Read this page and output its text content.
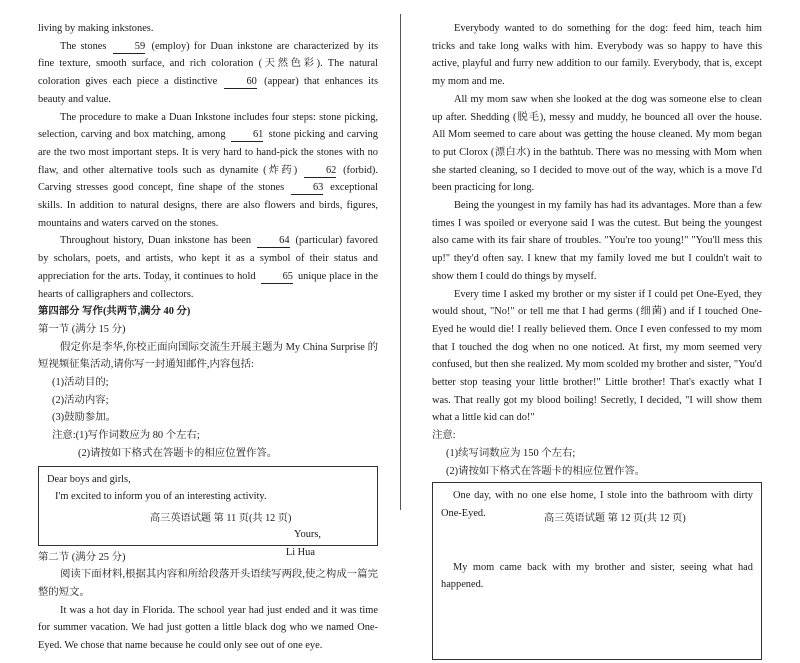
living by making inkstones.

The stones 59 (employ) for Duan inkstone are characterized by its fine texture, smooth surface, and rich coloration (天然色彩). The natural coloration gives each piece a distinctive 60 (appear) that enhances its beauty and value.

The procedure to make a Duan Inkstone includes four steps: stone picking, selection, carving and box matching, among 61 stone picking and carving are the two most important steps. It is very hard to hand-pick the stones with no flaw, and other alternative tools such as dynamite (炸药) 62 (forbid). Carving stresses good concept, fine shape of the stones 63 exceptional skills. In addition to natural designs, there are also flowers and birds, figures, mountains and waters carved on the stones.

Throughout history, Duan inkstone has been 64 (particular) favored by scholars, poets, and artists, who kept it as a symbol of their status and appreciation for the arts. Today, it continues to hold 65 unique place in the hearts of calligraphers and collectors.

第四部分 写作(共两节,满分 40 分)

第一节 (满分 15 分)

假定你是李华,你校正面向国际交流生开展主题为 My China Surprise 的短视频征集活动,请你写一封通知邮件,内容包括:

(1)活动目的;

(2)活动内容;

(3)鼓励参加。

注意:(1)写作词数应为 80 个左右;

(2)请按如下格式在答题卡的相应位置作答。

Dear boys and girls,

I'm excited to inform you of an interesting activity.

Yours,

Li Hua

第二节 (满分 25 分)

阅读下面材料,根据其内容和所给段落开头语续写两段,使之构成一篇完整的短文。

It was a hot day in Florida. The school year had just ended and it was time for summer vacation. We had just gotten a little black dog who we named One-Eyed. We chose that name because he could only see out of one eye.

高三英语试题 第 11 页(共 12 页)

Everybody wanted to do something for the dog: feed him, teach him tricks and take long walks with him. Everybody was so happy to have this active, playful and furry new addition to our family. Everybody, that is, except my mom and me.

All my mom saw when she looked at the dog was someone else to clean up after. Shedding (脱毛), messy and muddy, he bounced all over the house. All Mom seemed to care about was getting the house cleaned. My mom began to put Clorox (漂白水) in the bathtub. There was no messing with Mom when she started cleaning, so I decided to move out of the way, which is a move I'd been practicing for long.

Being the youngest in my family has had its advantages. More than a few times I was spoiled or everyone said I was the cutest. But being the youngest also came with its fair share of troubles. "You're too young!" "You'll mess this up!" they'd often say. I knew that my family loved me but I couldn't wait to show them I could do things by myself.

Every time I asked my brother or my sister if I could pet One-Eyed, they would shout, "No!" or tell me that I had germs (细菌) and if I touched One-Eyed he would die! I really believed them. Once I even confessed to my mom that I touched the dog when no one noticed. At first, my mom seemed very confused, but then she realized. My mom scolded my brother and sister, "You'd better stop teasing your little brother!" Little brother! That's exactly what I was. That really got my blood boiling! Secretly, I decided, "I will show them what a little kid can do!"

注意:

(1)续写词数应为 150 个左右;

(2)请按如下格式在答题卡的相应位置作答。

One day, with no one else home, I stole into the bathroom with dirty One-Eyed.

My mom came back with my brother and sister, seeing what had happened.

高三英语试题 第 12 页(共 12 页)
